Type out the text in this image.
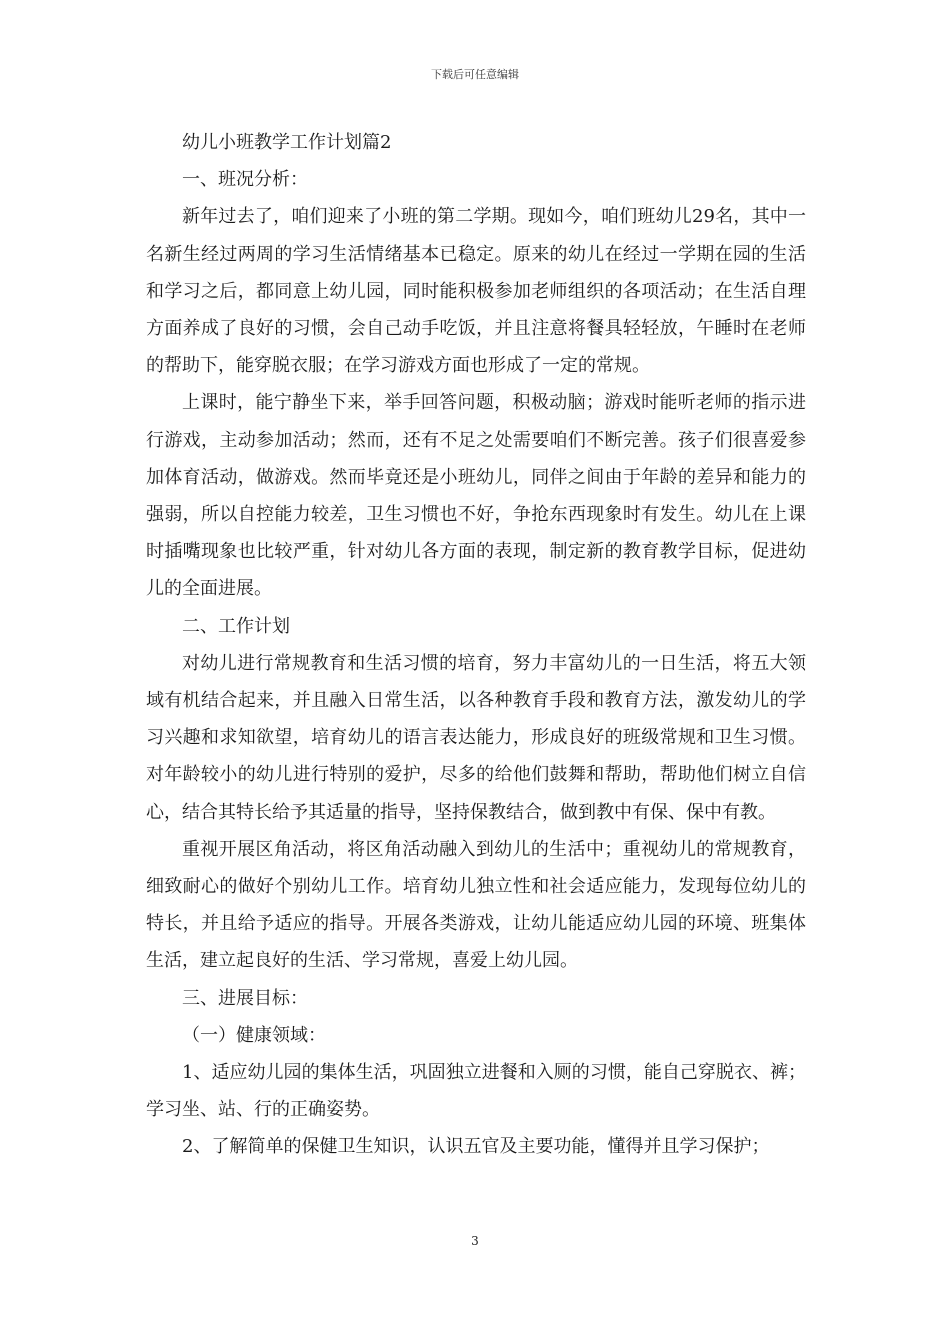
下载后可任意编辑

幼儿小班教学工作计划篇2

一、班况分析：

新年过去了，咱们迎来了小班的第二学期。现如今，咱们班幼儿29名，其中一名新生经过两周的学习生活情绪基本已稳定。原来的幼儿在经过一学期在园的生活和学习之后，都同意上幼儿园，同时能积极参加老师组织的各项活动；在生活自理方面养成了良好的习惯，会自己动手吃饭，并且注意将餐具轻轻放，午睡时在老师的帮助下，能穿脱衣服；在学习游戏方面也形成了一定的常规。

上课时，能宁静坐下来，举手回答问题，积极动脑；游戏时能听老师的指示进行游戏，主动参加活动；然而，还有不足之处需要咱们不断完善。孩子们很喜爱参加体育活动，做游戏。然而毕竟还是小班幼儿，同伴之间由于年龄的差异和能力的强弱，所以自控能力较差，卫生习惯也不好，争抢东西现象时有发生。幼儿在上课时插嘴现象也比较严重，针对幼儿各方面的表现，制定新的教育教学目标，促进幼儿的全面进展。

二、工作计划

对幼儿进行常规教育和生活习惯的培育，努力丰富幼儿的一日生活，将五大领域有机结合起来，并且融入日常生活，以各种教育手段和教育方法，激发幼儿的学习兴趣和求知欲望，培育幼儿的语言表达能力，形成良好的班级常规和卫生习惯。对年龄较小的幼儿进行特别的爱护，尽多的给他们鼓舞和帮助，帮助他们树立自信心，结合其特长给予其适量的指导，坚持保教结合，做到教中有保、保中有教。

重视开展区角活动，将区角活动融入到幼儿的生活中；重视幼儿的常规教育，细致耐心的做好个别幼儿工作。培育幼儿独立性和社会适应能力，发现每位幼儿的特长，并且给予适应的指导。开展各类游戏，让幼儿能适应幼儿园的环境、班集体生活，建立起良好的生活、学习常规，喜爱上幼儿园。

三、进展目标：

（一）健康领域：

1、适应幼儿园的集体生活，巩固独立进餐和入厕的习惯，能自己穿脱衣、裤；学习坐、站、行的正确姿势。

2、了解简单的保健卫生知识，认识五官及主要功能，懂得并且学习保护；

3
